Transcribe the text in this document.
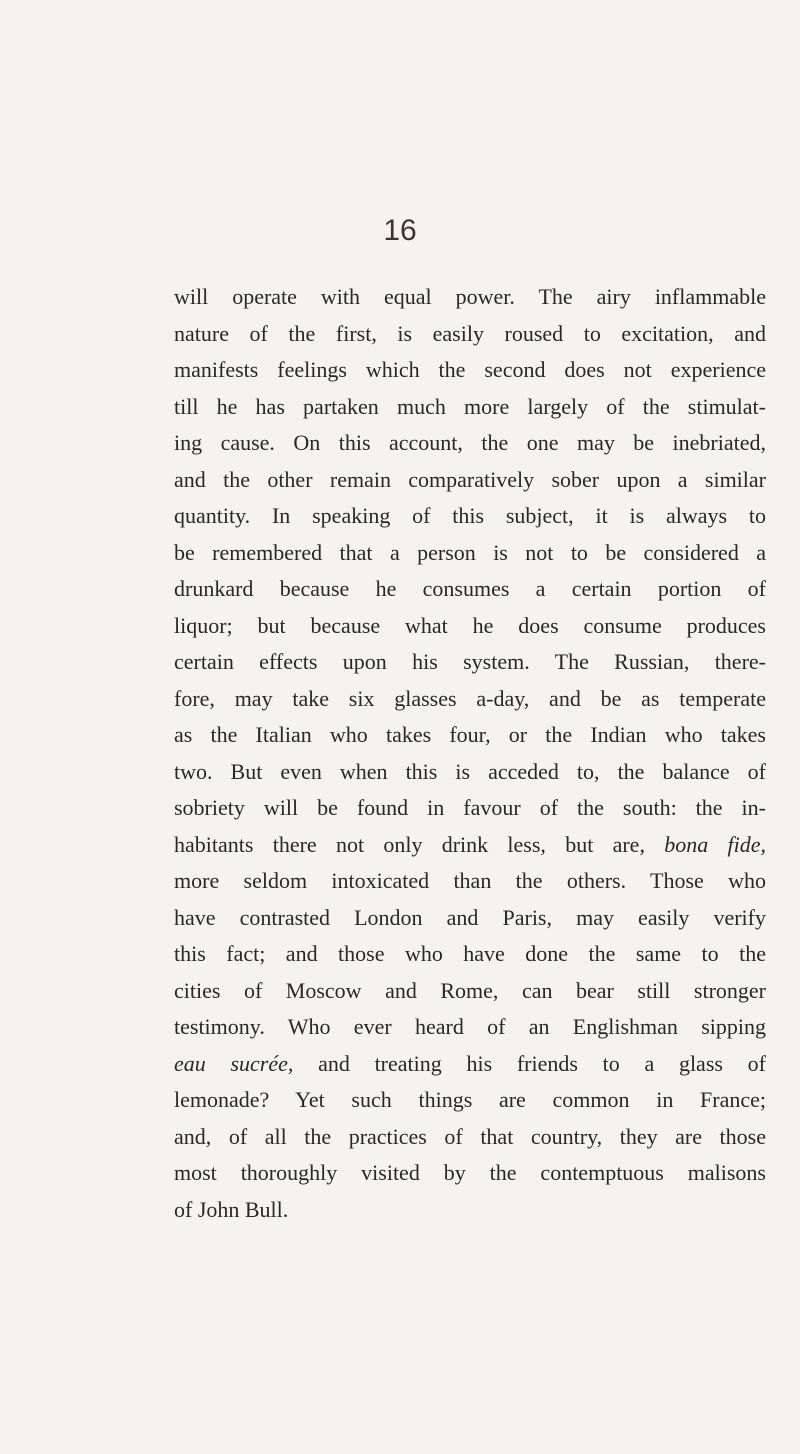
16
will operate with equal power. The airy inflammable
nature of the first, is easily roused to excitation, and
manifests feelings which the second does not experience
till he has partaken much more largely of the stimulat-
ing cause. On this account, the one may be inebriated,
and the other remain comparatively sober upon a similar
quantity. In speaking of this subject, it is always to
be remembered that a person is not to be considered a
drunkard because he consumes a certain portion of
liquor; but because what he does consume produces
certain effects upon his system. The Russian, there-
fore, may take six glasses a-day, and be as temperate
as the Italian who takes four, or the Indian who takes
two. But even when this is acceded to, the balance of
sobriety will be found in favour of the south: the in-
habitants there not only drink less, but are, bona fide,
more seldom intoxicated than the others. Those who
have contrasted London and Paris, may easily verify
this fact; and those who have done the same to the
cities of Moscow and Rome, can bear still stronger
testimony. Who ever heard of an Englishman sipping
eau sucrée, and treating his friends to a glass of
lemonade? Yet such things are common in France;
and, of all the practices of that country, they are those
most thoroughly visited by the contemptuous malisons
of John Bull.
